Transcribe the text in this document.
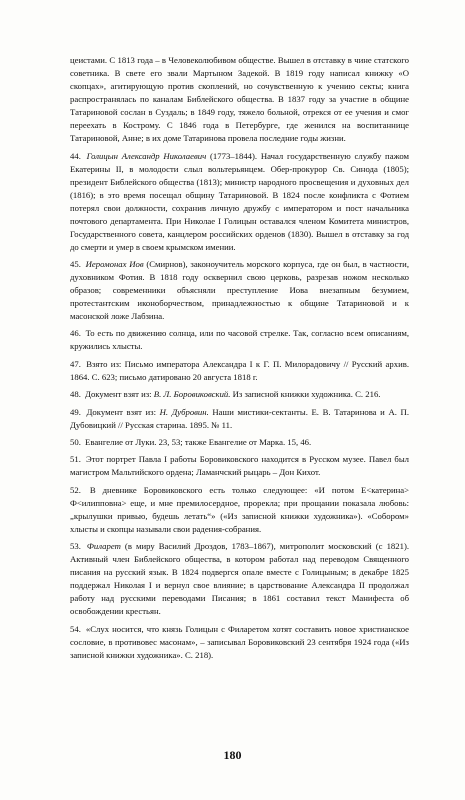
цеистами. С 1813 года – в Человеколюбивом обществе. Вышел в отставку в чине статского советника. В свете его звали Мартыном Задекой. В 1819 году написал книжку «О скопцах», агитирующую против скоплений, но сочувственную к учению секты; книга распространялась по каналам Библейского общества. В 1837 году за участие в общине Татариновой сослан в Суздаль; в 1849 году, тяжело больной, отрекся от ее учения и смог переехать в Кострому. С 1846 года в Петербурге, где женился на воспитаннице Татариновой, Анне; в их доме Татаринова провела последние годы жизни.

44. Голицын Александр Николаевич (1773–1844). Начал государственную службу пажом Екатерины II, в молодости слыл вольтерьянцем. Обер-прокурор Св. Синода (1805); президент Библейского общества (1813); министр народного просвещения и духовных дел (1816); в это время посещал общину Татариновой. В 1824 после конфликта с Фотием потерял свои должности, сохранив личную дружбу с императором и пост начальника почтового департамента. При Николае I Голицын оставался членом Комитета министров, Государственного совета, канцлером российских орденов (1830). Вышел в отставку за год до смерти и умер в своем крымском имении.

45. Иеромонах Иов (Смирнов), законоучитель морского корпуса, где он был, в частности, духовником Фотия. В 1818 году осквернил свою церковь, разрезав ножом несколько образов; современники объясняли преступление Иова внезапным безумием, протестантским иконоборчеством, принадлежностью к общине Татариновой и к масонской ложе Лабзина.

46. То есть по движению солнца, или по часовой стрелке. Так, согласно всем описаниям, кружились хлысты.

47. Взято из: Письмо императора Александра I к Г. П. Милорадовичу // Русский архив. 1864. С. 623; письмо датировано 20 августа 1818 г.

48. Документ взят из: В. Л. Боровиковский. Из записной книжки художника. С. 216.

49. Документ взят из: Н. Дубровин. Наши мистики-сектанты. Е. В. Татаринова и А. П. Дубовицкий // Русская старина. 1895. № 11.

50. Евангелие от Луки. 23, 53; также Евангелие от Марка. 15, 46.

51. Этот портрет Павла I работы Боровиковского находится в Русском музее. Павел был магистром Мальтийского ордена; Ламанчский рыцарь – Дон Кихот.

52. В дневнике Боровиковского есть только следующее: «И потом Е<катерина> Ф<илипповна> еще, и мне премилосердное, прорекла; при прощании показала любовь: „крылушки привью, будешь летать“» («Из записной книжки художника»). «Собором» хлысты и скопцы называли свои радения-собрания.

53. Филарет (в миру Василий Дроздов, 1783–1867), митрополит московский (с 1821). Активный член Библейского общества, в котором работал над переводом Священного писания на русский язык. В 1824 подвергся опале вместе с Голицыным; в декабре 1825 поддержал Николая I и вернул свое влияние; в царствование Александра II продолжал работу над русскими переводами Писания; в 1861 составил текст Манифеста об освобождении крестьян.

54. «Слух носится, что князь Голицын с Филаретом хотят составить новое христианское сословие, в противовес масонам», – записывал Боровиковский 23 сентября 1924 года («Из записной книжки художника». С. 218).

180
